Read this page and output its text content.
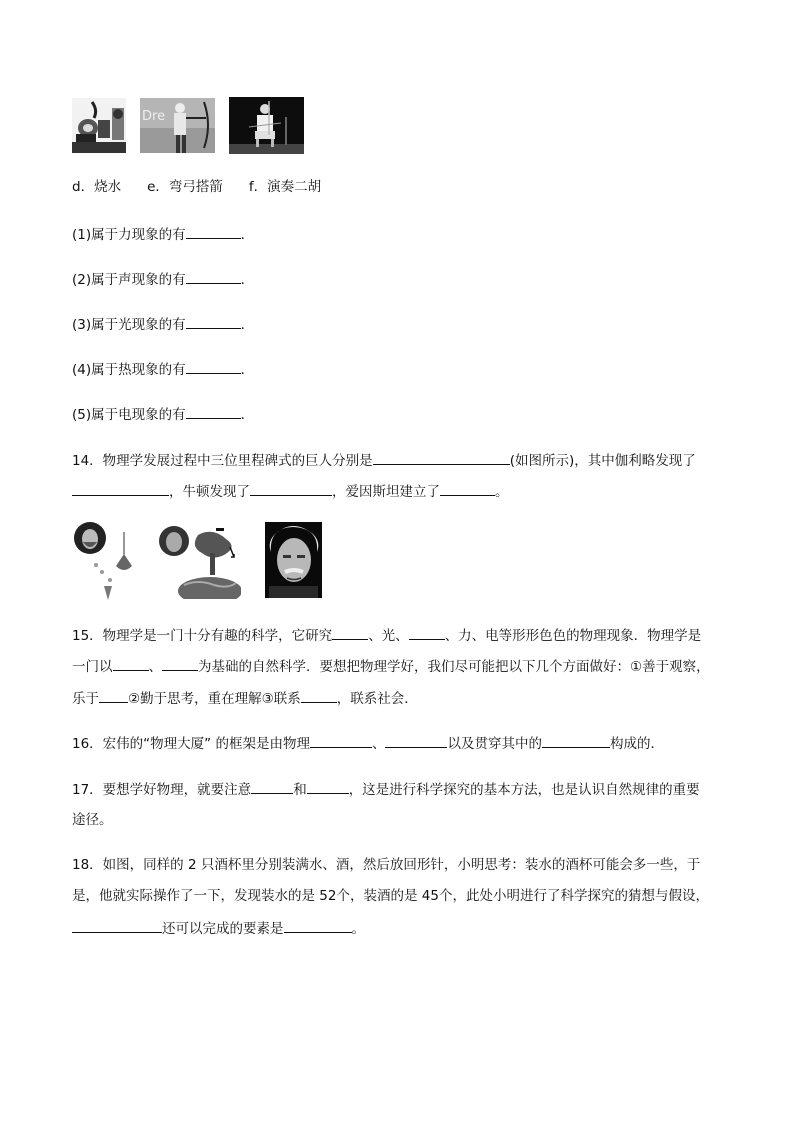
Dre
d．烧水 e．弯弓搭箭 f．演奏二胡
(1)属于力现象的有	．
(2)属于声现象的有	．
(3)属于光现象的有	．
(4)属于热现象的有	．
(5)属于电现象的有	．
14．物理学发展过程中三位里程碑式的巨人分别是	(如图所示)，其中伽利略发现了
，牛顿发现了	，爱因斯坦建立了	。
15．物理学是一门十分有趣的科学，它研究	、光、	、力、电等形形色色的物理现象．物理学是
一门以	、	为基础的自然科学．要想把物理学好，我们尽可能把以下几个方面做好：①善于观察，
乐于 ②勤于思考，重在理解③联系	，联系社会．
16．宏伟的“物理大厦” 的框架是由物理	、	以及贯穿其中的	构成的．
17．要想学好物理，就要注意	和	，这是进行科学探究的基本方法，也是认识自然规律的重要
途径。
18．如图，同样的 2 只酒杯里分别装满水、酒，然后放回形针，小明思考：装水的酒杯可能会多一些，于
是，他就实际操作了一下，发现装水的是 52个，装酒的是 45个，此处小明进行了科学探究的猜想与假设，
还可以完成的要素是	。
